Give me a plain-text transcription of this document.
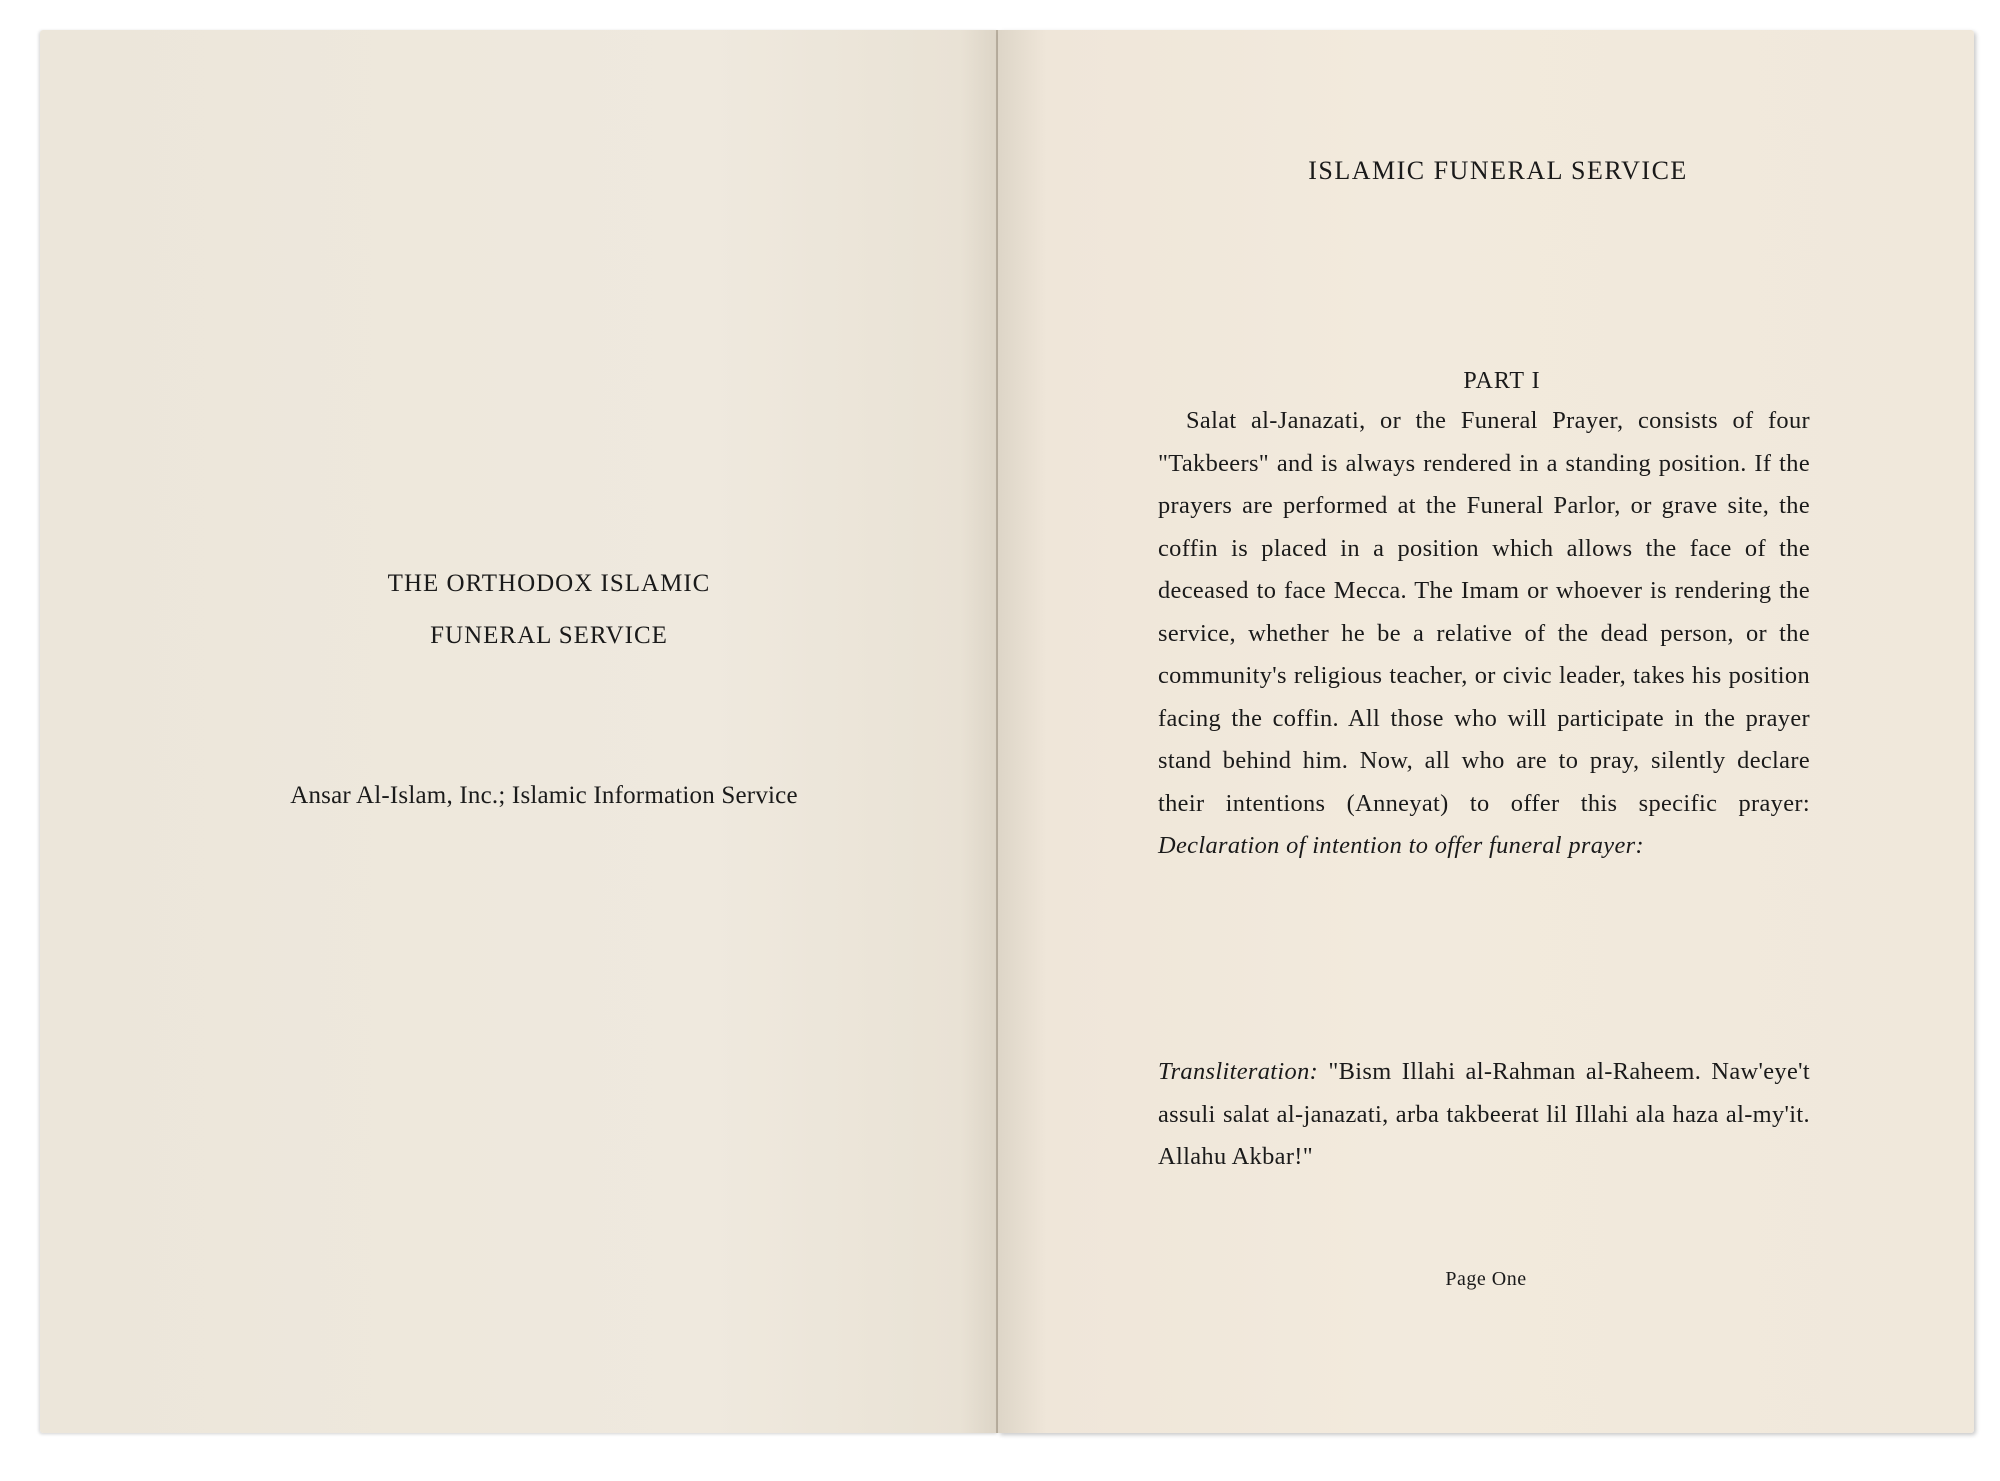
THE ORTHODOX ISLAMIC
FUNERAL SERVICE
Ansar Al-Islam, Inc.; Islamic Information Service
ISLAMIC FUNERAL SERVICE
PART I

Salat al-Janazati, or the Funeral Prayer, consists of four "Takbeers" and is always rendered in a standing position. If the prayers are performed at the Funeral Parlor, or grave site, the coffin is placed in a position which allows the face of the deceased to face Mecca. The Imam or whoever is rendering the service, whether he be a relative of the dead person, or the community's religious teacher, or civic leader, takes his position facing the coffin. All those who will participate in the prayer stand behind him. Now, all who are to pray, silently declare their intentions (Anneyat) to offer this specific prayer: Declaration of intention to offer funeral prayer:

Transliteration: "Bism Illahi al-Rahman al-Raheem. Naw'eye't assuli salat al-janazati, arba takbeerat lil Illahi ala haza al-my'it. Allahu Akbar!"

Page One
